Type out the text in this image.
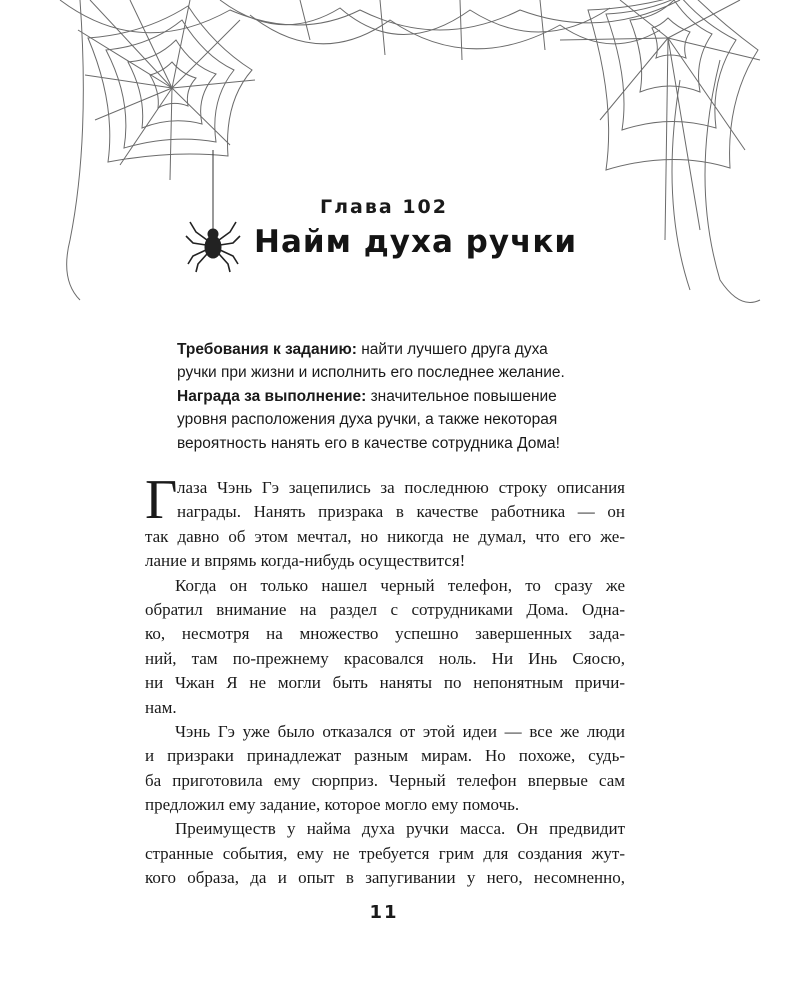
Глава 102
Найм духа ручки

Требования к заданию: найти лучшего друга духа
ручки при жизни и исполнить его последнее желание.

Награда за выполнение: значительное повышение
уровня расположения духа ручки, а также некоторая
вероятность нанять его в качестве сотрудника Дома!

Г лаза Чэнь Гэ зацепились за последнюю строку описания
награды. Нанять призрака в качестве работника — он
так давно об этом мечтал, но никогда не думал, что его же-
лание и впрямь когда-нибудь осуществится!
Когда он только нашел черный телефон, то сразу же
обратил внимание на раздел с сотрудниками Дома. Одна-
ко, несмотря на множество успешно завершенных зада-
ний, там по-прежнему красовался ноль. Ни Инь Сяосю,
ни Чжан Я не могли быть наняты по непонятным причи-
нам.
Чэнь Гэ уже было отказался от этой идеи — все же люди
и призраки принадлежат разным мирам. Но похоже, судь-
ба приготовила ему сюрприз. Черный телефон впервые сам
предложил ему задание, которое могло ему помочь.
Преимуществ у найма духа ручки масса. Он предвидит
странные события, ему не требуется грим для создания жут-
кого образа, да и опыт в запугивании у него, несомненно,
11
